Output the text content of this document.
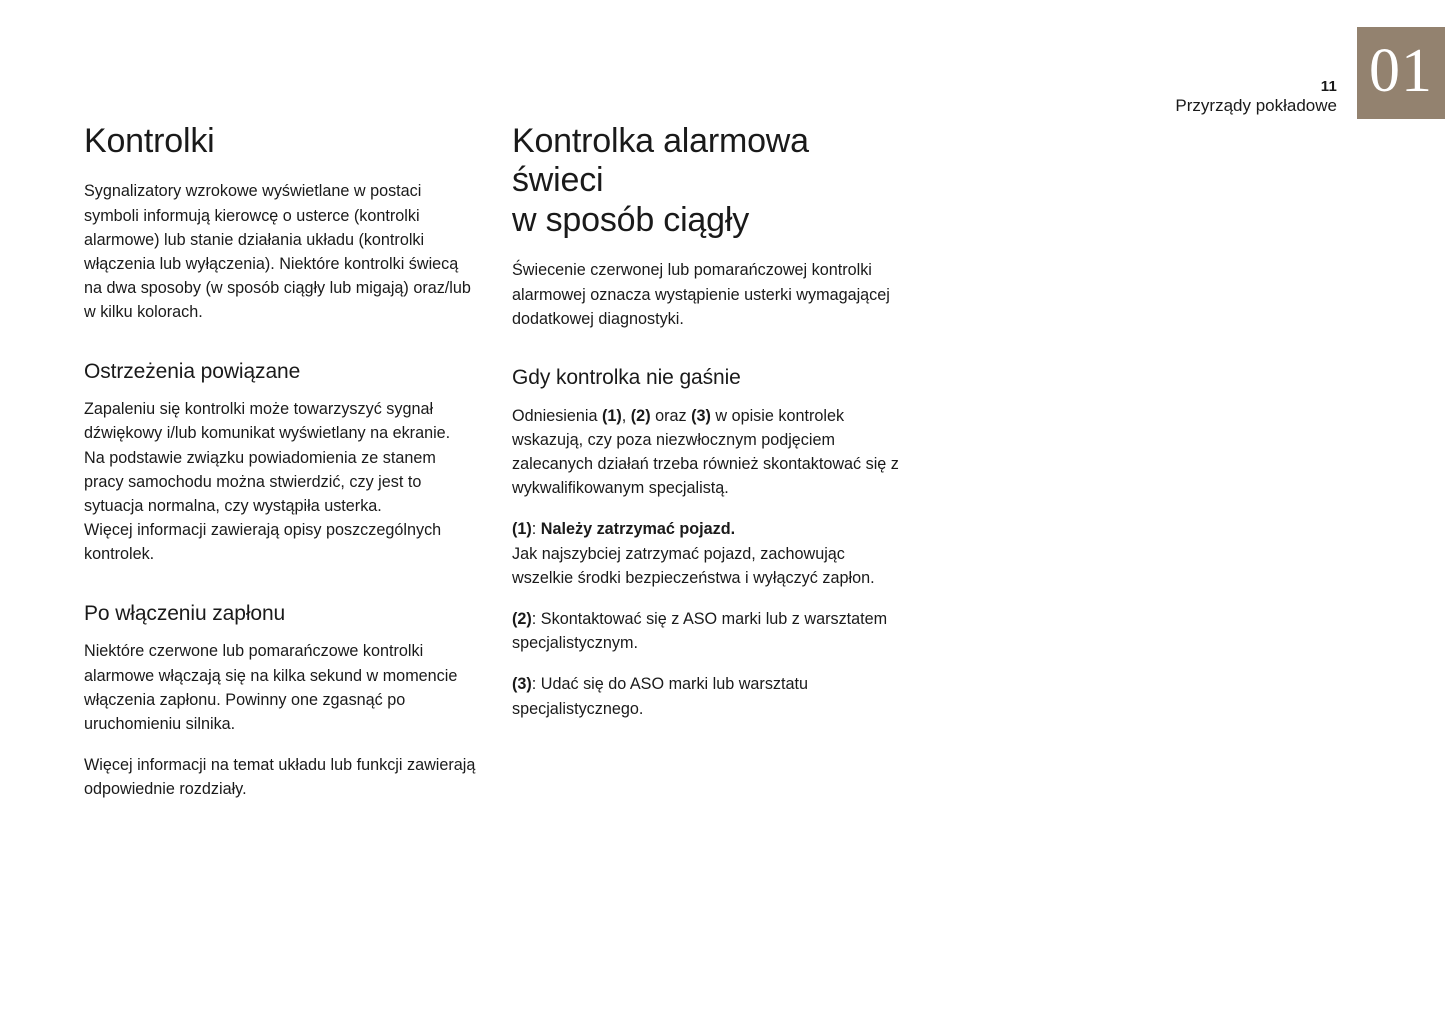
11
Przyrządy pokładowe
01
Kontrolki

Sygnalizatory wzrokowe wyświetlane w postaci symboli informują kierowcę o usterce (kontrolki alarmowe) lub stanie działania układu (kontrolki włączenia lub wyłączenia). Niektóre kontrolki świecą na dwa sposoby (w sposób ciągły lub migają) oraz/lub w kilku kolorach.

Ostrzeżenia powiązane

Zapaleniu się kontrolki może towarzyszyć sygnał dźwiękowy i/lub komunikat wyświetlany na ekranie.

Na podstawie związku powiadomienia ze stanem pracy samochodu można stwierdzić, czy jest to sytuacja normalna, czy wystąpiła usterka.

Więcej informacji zawierają opisy poszczególnych kontrolek.

Po włączeniu zapłonu

Niektóre czerwone lub pomarańczowe kontrolki alarmowe włączają się na kilka sekund w momencie włączenia zapłonu. Powinny one zgasnąć po uruchomieniu silnika.

Więcej informacji na temat układu lub funkcji zawierają odpowiednie rozdziały.

Kontrolka alarmowa świeci
w sposób ciągły

Świecenie czerwonej lub pomarańczowej kontrolki alarmowej oznacza wystąpienie usterki wymagającej dodatkowej diagnostyki.

Gdy kontrolka nie gaśnie

Odniesienia (1), (2) oraz (3) w opisie kontrolek wskazują, czy poza niezwłocznym podjęciem zalecanych działań trzeba również skontaktować się z wykwalifikowanym specjalistą.

(1): Należy zatrzymać pojazd.
Jak najszybciej zatrzymać pojazd, zachowując wszelkie środki bezpieczeństwa i wyłączyć zapłon.

(2): Skontaktować się z ASO marki lub z warsztatem specjalistycznym.

(3): Udać się do ASO marki lub warsztatu specjalistycznego.
